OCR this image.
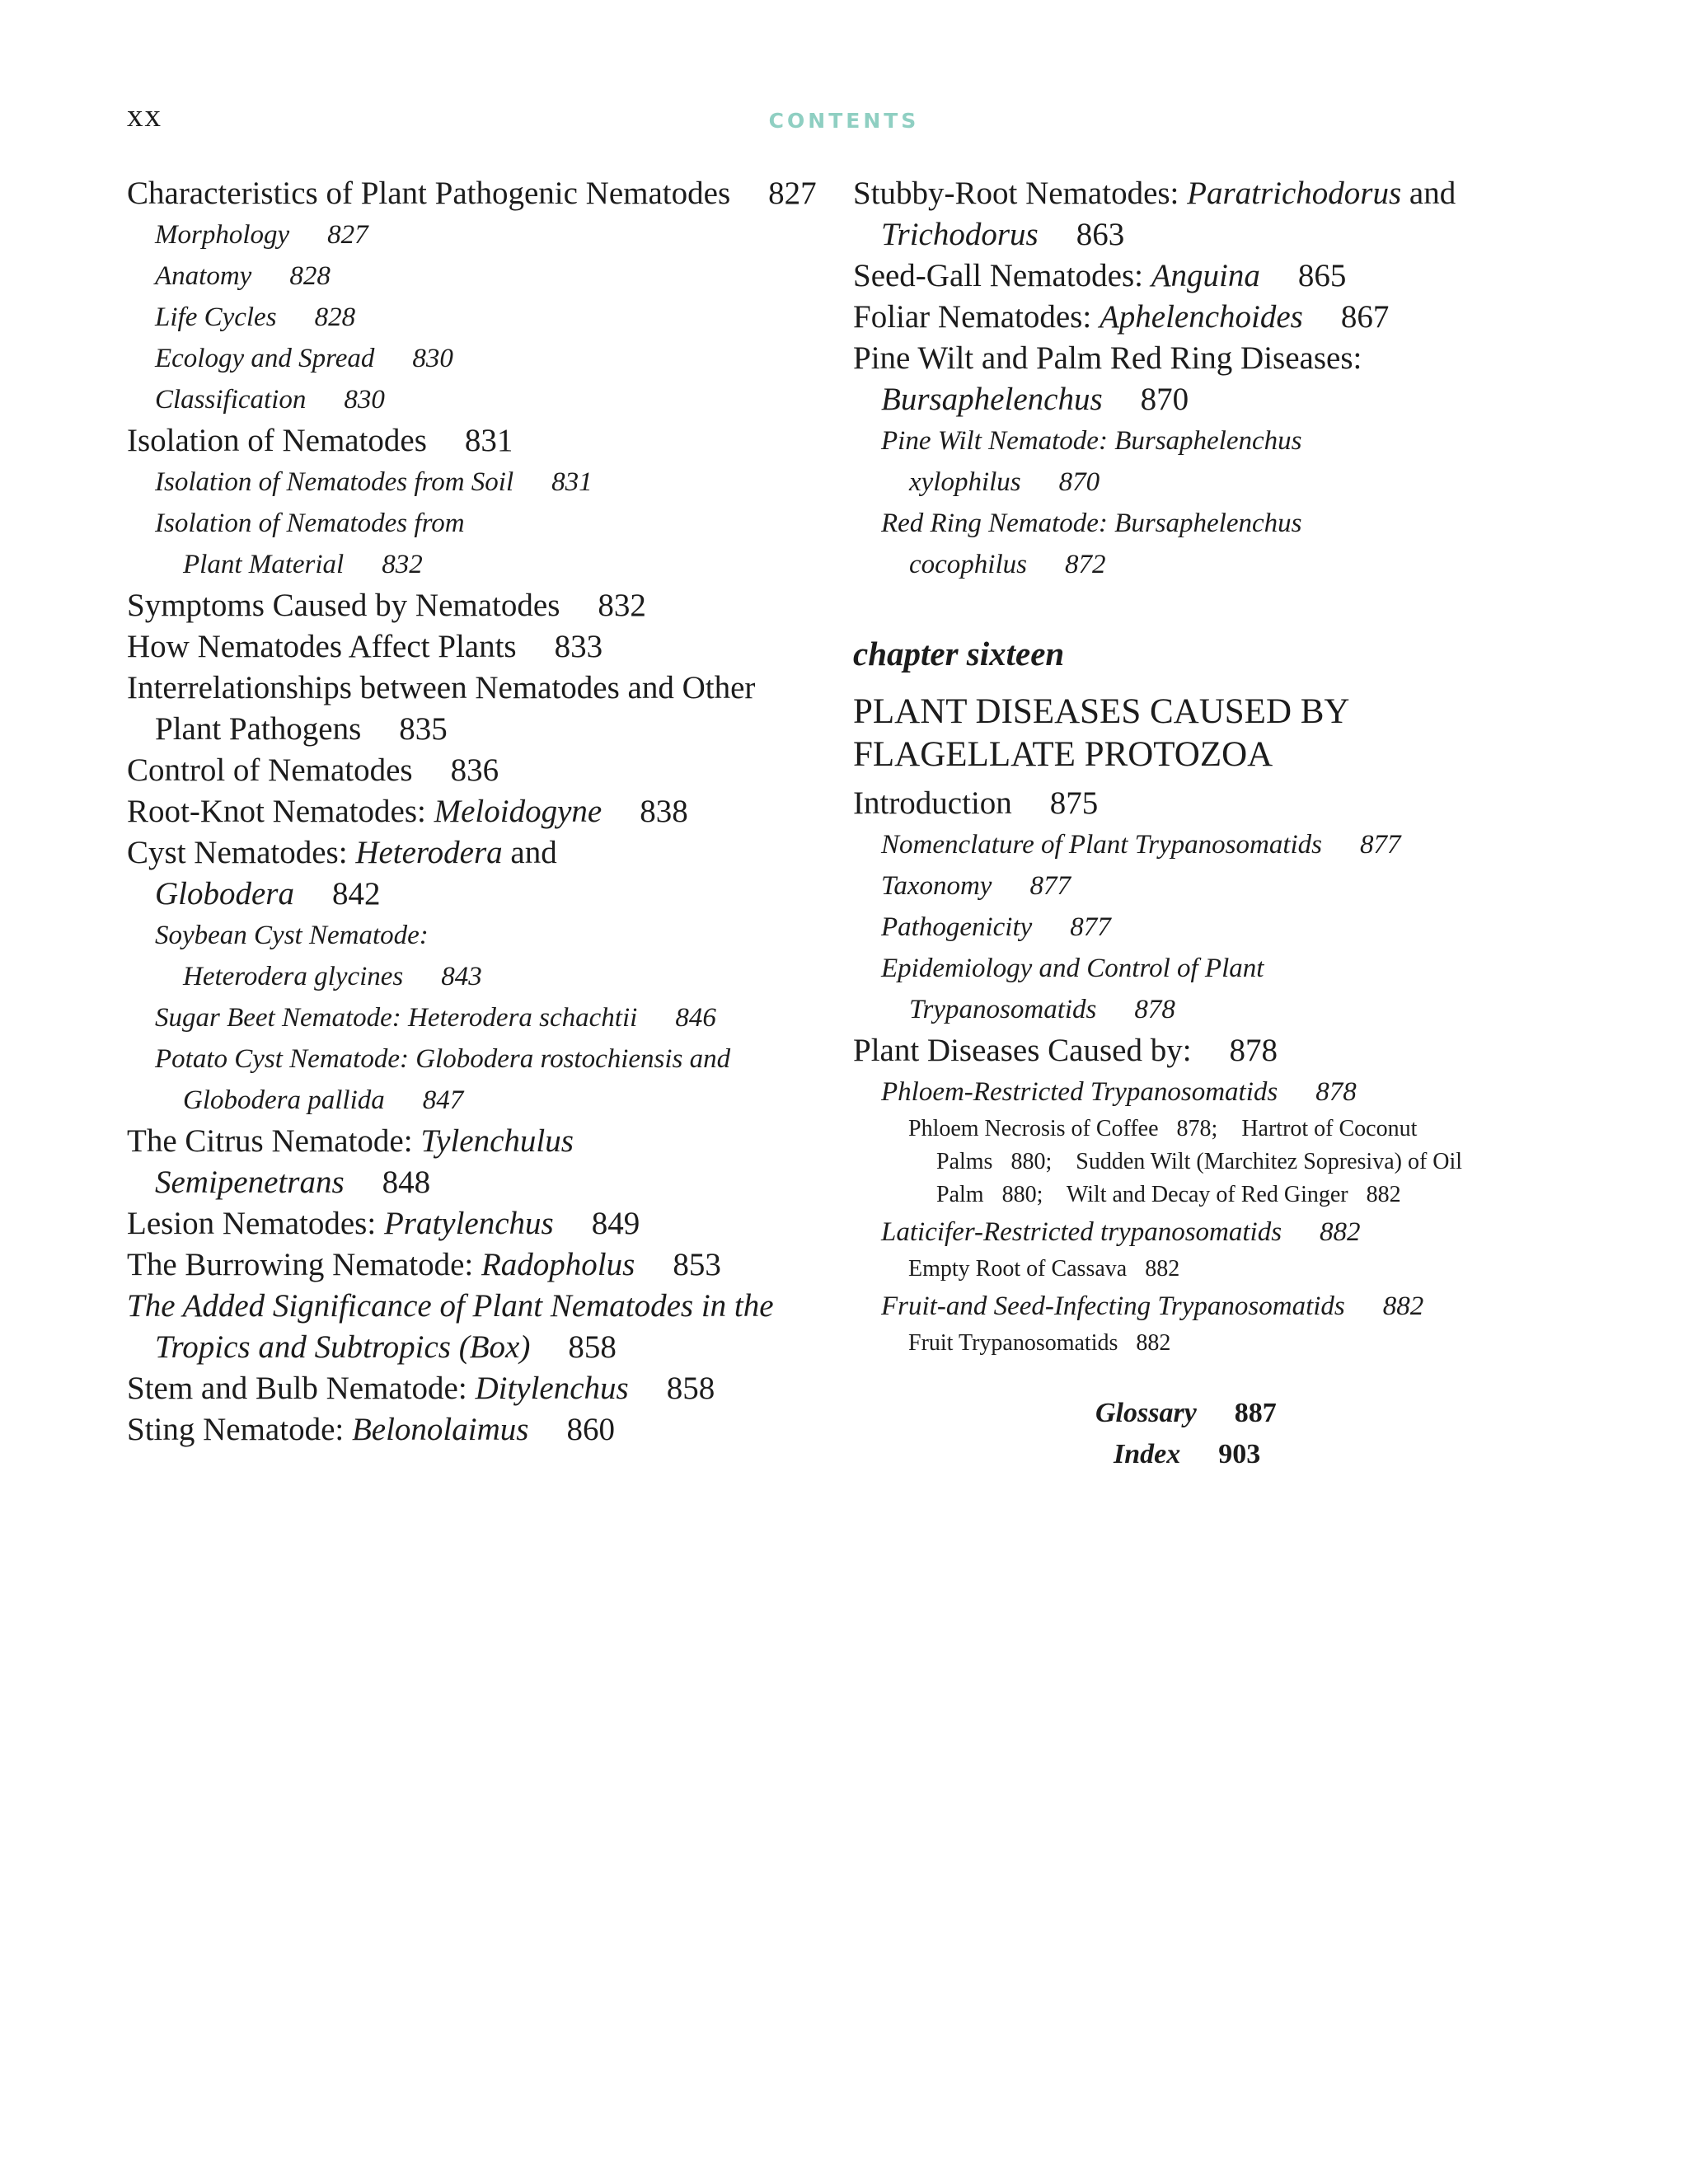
xx	CONTENTS
Characteristics of Plant Pathogenic Nematodes 827
Morphology 827
Anatomy 828
Life Cycles 828
Ecology and Spread 830
Classification 830
Isolation of Nematodes 831
Isolation of Nematodes from Soil 831
Isolation of Nematodes from Plant Material 832
Symptoms Caused by Nematodes 832
How Nematodes Affect Plants 833
Interrelationships between Nematodes and Other Plant Pathogens 835
Control of Nematodes 836
Root-Knot Nematodes: Meloidogyne 838
Cyst Nematodes: Heterodera and Globodera 842
Soybean Cyst Nematode: Heterodera glycines 843
Sugar Beet Nematode: Heterodera schachtii 846
Potato Cyst Nematode: Globodera rostochiensis and Globodera pallida 847
The Citrus Nematode: Tylenchulus Semipenetrans 848
Lesion Nematodes: Pratylenchus 849
The Burrowing Nematode: Radopholus 853
The Added Significance of Plant Nematodes in the Tropics and Subtropics (Box) 858
Stem and Bulb Nematode: Ditylenchus 858
Sting Nematode: Belonolaimus 860
Stubby-Root Nematodes: Paratrichodorus and Trichodorus 863
Seed-Gall Nematodes: Anguina 865
Foliar Nematodes: Aphelenchoides 867
Pine Wilt and Palm Red Ring Diseases: Bursaphelenchus 870
Pine Wilt Nematode: Bursaphelenchus xylophilus 870
Red Ring Nematode: Bursaphelenchus cocophilus 872
chapter sixteen
PLANT DISEASES CAUSED BY
FLAGELLATE PROTOZOA
Introduction 875
Nomenclature of Plant Trypanosomatids 877
Taxonomy 877
Pathogenicity 877
Epidemiology and Control of Plant Trypanosomatids 878
Plant Diseases Caused by: 878
Phloem-Restricted Trypanosomatids 878
Phloem Necrosis of Coffee 878; Hartrot of Coconut Palms 880; Sudden Wilt (Marchitez Sopresiva) of Oil Palm 880; Wilt and Decay of Red Ginger 882
Laticifer-Restricted trypanosomatids 882
Empty Root of Cassava 882
Fruit-and Seed-Infecting Trypanosomatids 882
Fruit Trypanosomatids 882
Glossary 887
Index 903
